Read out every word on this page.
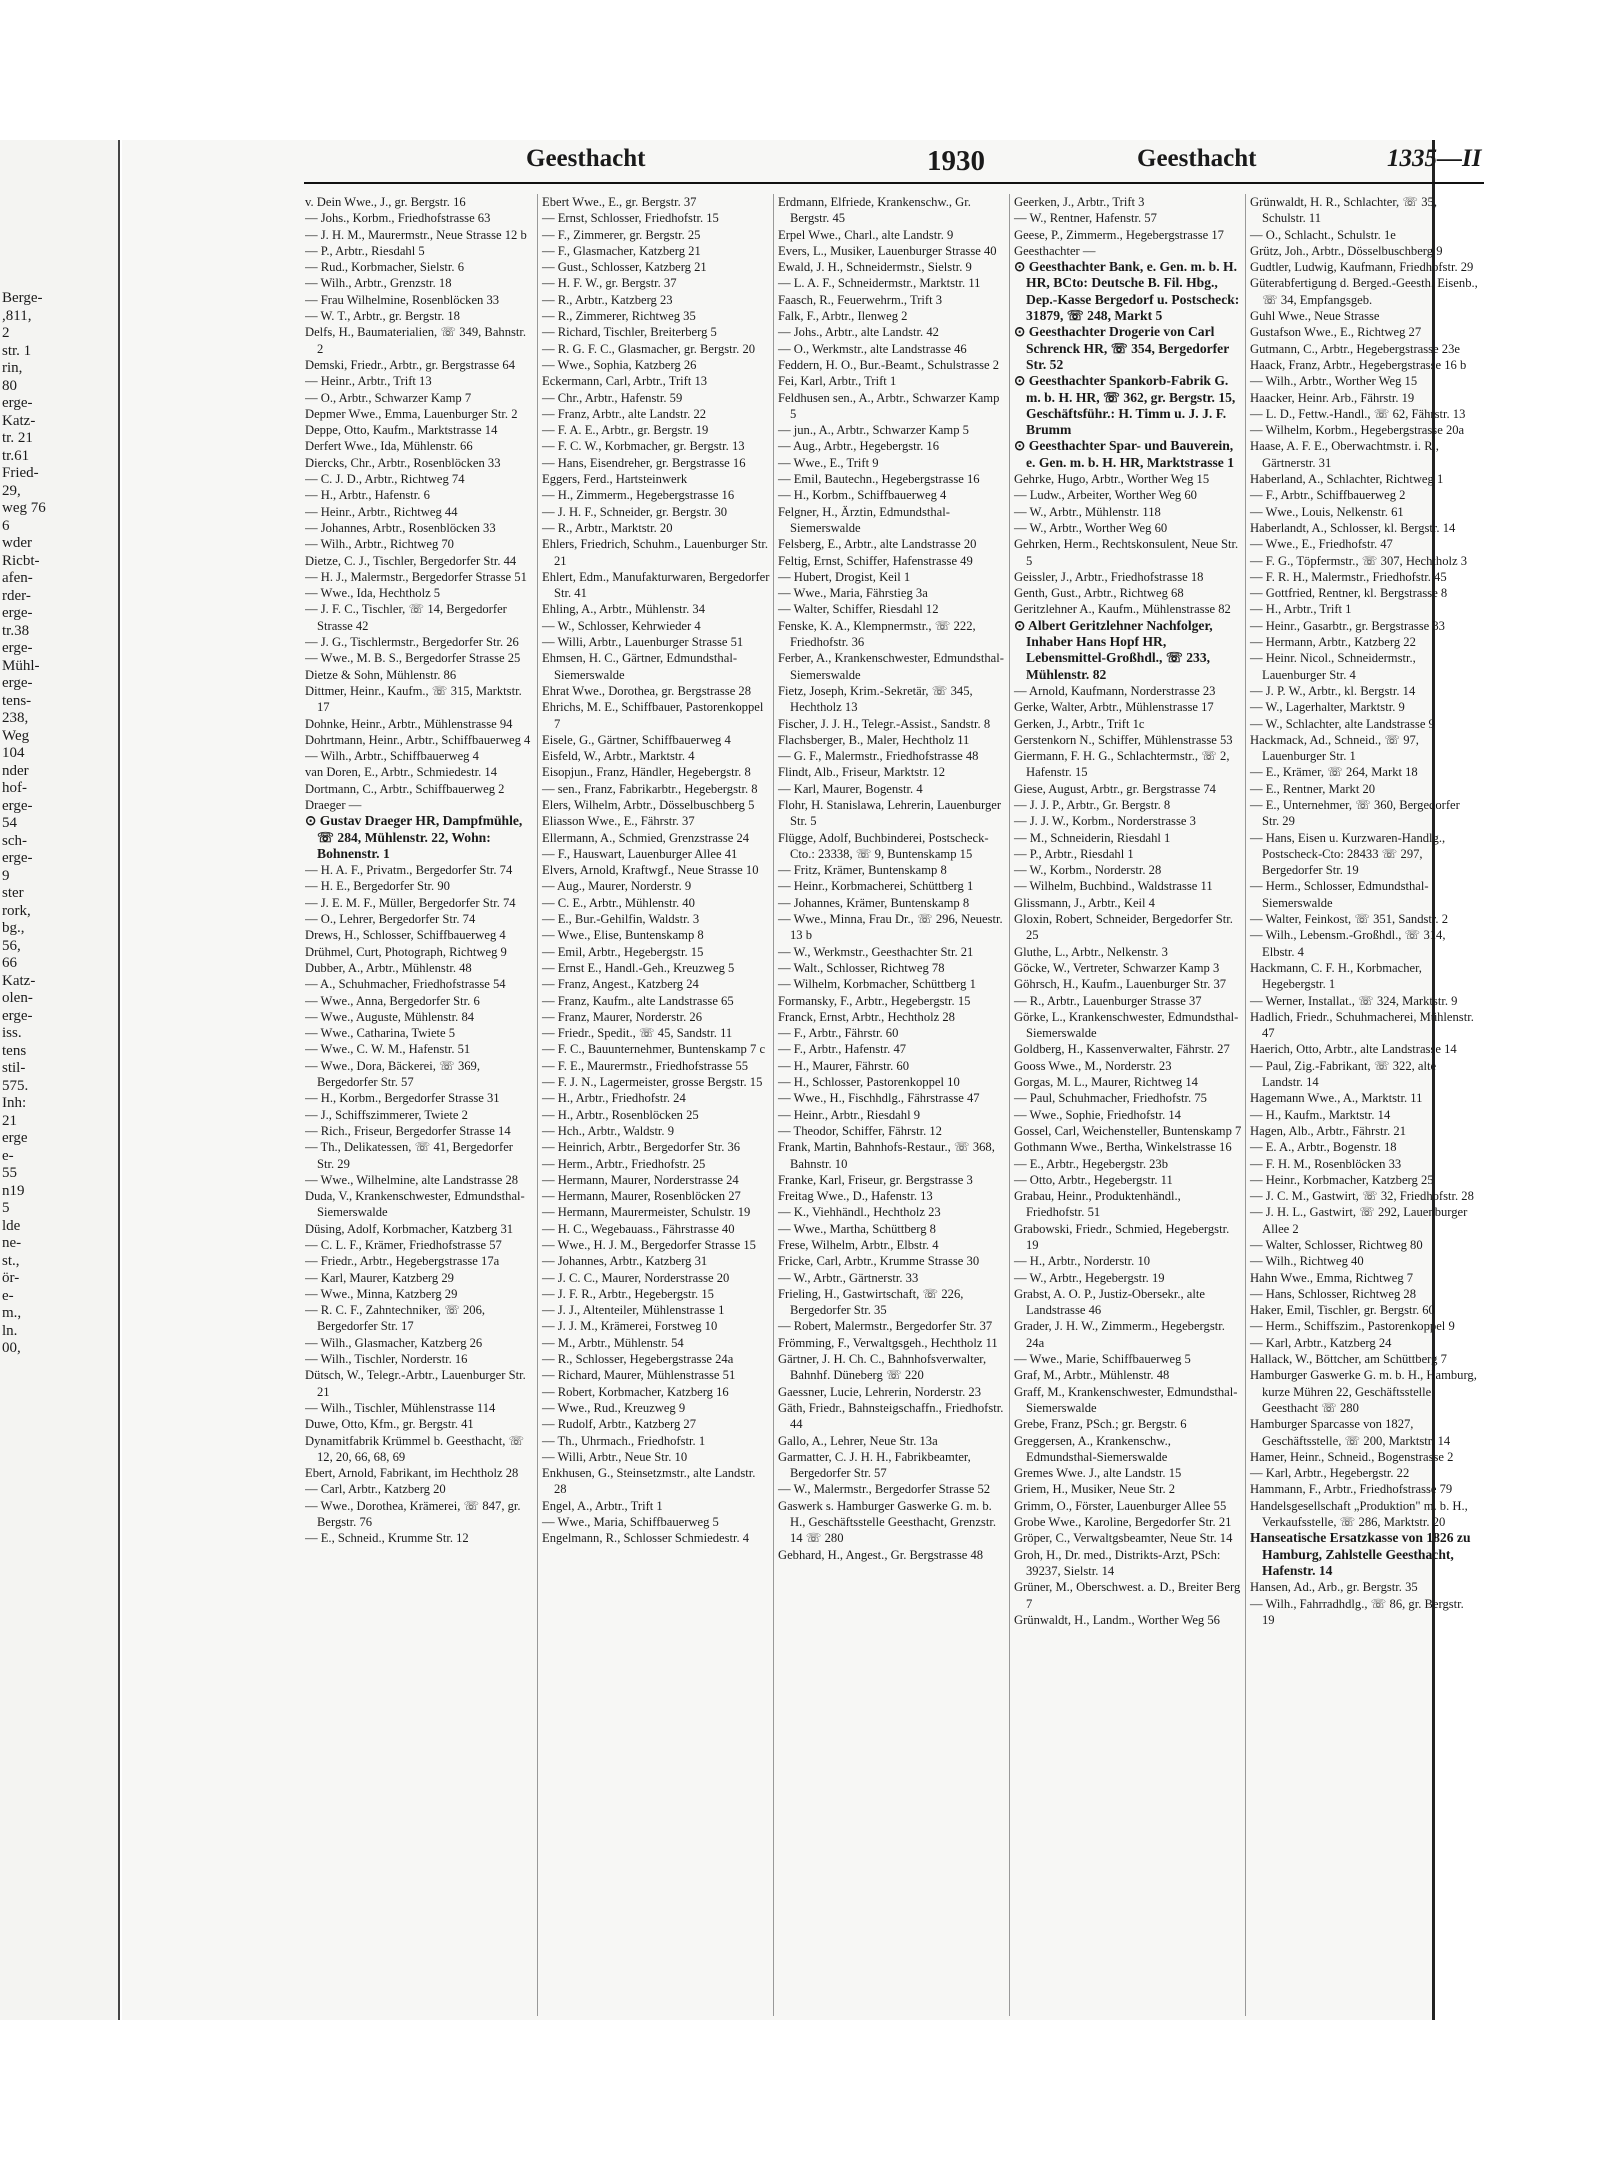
Berge-
,811,
2
str. 1
rin,
80
erge-
Katz-
tr. 21
tr.61
Fried-
29,
weg 76
6
wder
Ricbt-
afen-
rder-
erge-
tr.38
erge-
Mühl-
erge-
tens-
238,
Weg
104
nder
hof-
erge-
54
sch-
erge-
9
ster
rork,
bg.,
56,
66
Katz-
olen-
erge-
iss.
tens
stil-
575.
Inh:
21
erge
e-
55
n19
5
lde
ne-
st.,
ör-
e-
m.,
ln.
00,
Geesthacht	1930	Geesthacht	1335—II
v. Dein Wwe., J., gr. Bergstr. 16
— Johs., Korbm., Friedhofstrasse 63
— J. H. M., Maurermstr., Neue Strasse 12 b
— P., Arbtr., Riesdahl 5
— Rud., Korbmacher, Sielstr. 6
— Wilh., Arbtr., Grenzstr. 18
— Frau Wilhelmine, Rosenblöcken 33
— W. T., Arbtr., gr. Bergstr. 18
Delfs, H., Baumaterialien, ☏ 349, Bahnstr. 2
Demski, Friedr., Arbtr., gr. Bergstrasse 64
— Heinr., Arbtr., Trift 13
— O., Arbtr., Schwarzer Kamp 7
Depmer Wwe., Emma, Lauenburger Str. 2
Deppe, Otto, Kaufm., Marktstrasse 14
Derfert Wwe., Ida, Mühlenstr. 66
Diercks, Chr., Arbtr., Rosenblöcken 33
— C. J. D., Arbtr., Richtweg 74
— H., Arbtr., Hafenstr. 6
— Heinr., Arbtr., Richtweg 44
— Johannes, Arbtr., Rosenblöcken 33
— Wilh., Arbtr., Richtweg 70
Dietze, C. J., Tischler, Bergedorfer Str. 44
— H. J., Malermstr., Bergedorfer Strasse 51
— Wwe., Ida, Hechtholz 5
— J. F. C., Tischler, ☏ 14, Bergedorfer Strasse 42
— J. G., Tischlermstr., Bergedorfer Str. 26
— Wwe., M. B. S., Bergedorfer Strasse 25
Dietze & Sohn, Mühlenstr. 86
Dittmer, Heinr., Kaufm., ☏ 315, Marktstr. 17
Dohnke, Heinr., Arbtr., Mühlenstrasse 94
Dohrtmann, Heinr., Arbtr., Schiffbauerweg 4
— Wilh., Arbtr., Schiffbauerweg 4
van Doren, E., Arbtr., Schmiedestr. 14
Dortmann, C., Arbtr., Schiffbauerweg 2
Draeger —
⊙ Gustav Draeger HR, Dampfmühle, ☏ 284, Mühlenstr. 22, Wohn: Bohnenstr. 1
— H. A. F., Privatm., Bergedorfer Str. 74
— H. E., Bergedorfer Str. 90
— J. E. M. F., Müller, Bergedorfer Str. 74
— O., Lehrer, Bergedorfer Str. 74
Drews, H., Schlosser, Schiffbauerweg 4
Drühmel, Curt, Photograph, Richtweg 9
Dubber, A., Arbtr., Mühlenstr. 48
— A., Schuhmacher, Friedhofstrasse 54
— Wwe., Anna, Bergedorfer Str. 6
— Wwe., Auguste, Mühlenstr. 84
— Wwe., Catharina, Twiete 5
— Wwe., C. W. M., Hafenstr. 51
— Wwe., Dora, Bäckerei, ☏ 369, Bergedorfer Str. 57
— H., Korbm., Bergedorfer Strasse 31
— J., Schiffszimmerer, Twiete 2
— Rich., Friseur, Bergedorfer Strasse 14
— Th., Delikatessen, ☏ 41, Bergedorfer Str. 29
— Wwe., Wilhelmine, alte Landstrasse 28
Duda, V., Krankenschwester, Edmundsthal-Siemerswalde
Düsing, Adolf, Korbmacher, Katzberg 31
— C. L. F., Krämer, Friedhofstrasse 57
— Friedr., Arbtr., Hegebergstrasse 17a
— Karl, Maurer, Katzberg 29
— Wwe., Minna, Katzberg 29
— R. C. F., Zahntechniker, ☏ 206, Bergedorfer Str. 17
— Wilh., Glasmacher, Katzberg 26
— Wilh., Tischler, Norderstr. 16
Dütsch, W., Telegr.-Arbtr., Lauenburger Str. 21
— Wilh., Tischler, Mühlenstrasse 114
Duwe, Otto, Kfm., gr. Bergstr. 41
Dynamitfabrik Krümmel b. Geesthacht, ☏ 12, 20, 66, 68, 69
Ebert, Arnold, Fabrikant, im Hechtholz 28
— Carl, Arbtr., Katzberg 20
— Wwe., Dorothea, Krämerei, ☏ 847, gr. Bergstr. 76
— E., Schneid., Krumme Str. 12
Ebert Wwe., E., gr. Bergstr. 37
— Ernst, Schlosser, Friedhofstr. 15
— F., Zimmerer, gr. Bergstr. 25
— F., Glasmacher, Katzberg 21
— Gust., Schlosser, Katzberg 21
— H. F. W., gr. Bergstr. 37
— R., Arbtr., Katzberg 23
— R., Zimmerer, Richtweg 35
— Richard, Tischler, Breiterberg 5
— R. G. F. C., Glasmacher, gr. Bergstr. 20
— Wwe., Sophia, Katzberg 26
Eckermann, Carl, Arbtr., Trift 13
— Chr., Arbtr., Hafenstr. 59
— Franz, Arbtr., alte Landstr. 22
— F. A. E., Arbtr., gr. Bergstr. 19
— F. C. W., Korbmacher, gr. Bergstr. 13
— Hans, Eisendreher, gr. Bergstrasse 16
Eggers, Ferd., Hartsteinwerk
— H., Zimmerm., Hegebergstrasse 16
— J. H. F., Schneider, gr. Bergstr. 30
— R., Arbtr., Marktstr. 20
Ehlers, Friedrich, Schuhm., Lauenburger Str. 21
Ehlert, Edm., Manufakturwaren, Bergedorfer Str. 41
Ehling, A., Arbtr., Mühlenstr. 34
— W., Schlosser, Kehrwieder 4
— Willi, Arbtr., Lauenburger Strasse 51
Ehmsen, H. C., Gärtner, Edmundsthal-Siemerswalde
Ehrat Wwe., Dorothea, gr. Bergstrasse 28
Ehrichs, M. E., Schiffbauer, Pastorenkoppel 7
Eisele, G., Gärtner, Schiffbauerweg 4
Eisfeld, W., Arbtr., Marktstr. 4
Eisopjun., Franz, Händler, Hegebergstr. 8
— sen., Franz, Fabrikarbtr., Hegebergstr. 8
Elers, Wilhelm, Arbtr., Dösselbuschberg 5
Eliasson Wwe., E., Fährstr. 37
Ellermann, A., Schmied, Grenzstrasse 24
— F., Hauswart, Lauenburger Allee 41
Elvers, Arnold, Kraftwgf., Neue Strasse 10
— Aug., Maurer, Norderstr. 9
— C. E., Arbtr., Mühlenstr. 40
— E., Bur.-Gehilfin, Waldstr. 3
— Wwe., Elise, Buntenskamp 8
— Emil, Arbtr., Hegebergstr. 15
— Ernst E., Handl.-Geh., Kreuzweg 5
— Franz, Angest., Katzberg 24
— Franz, Kaufm., alte Landstrasse 65
— Franz, Maurer, Norderstr. 26
— Friedr., Spedit., ☏ 45, Sandstr. 11
— F. C., Bauunternehmer, Buntenskamp 7 c
— F. E., Maurermstr., Friedhofstrasse 55
— F. J. N., Lagermeister, grosse Bergstr. 15
— H., Arbtr., Friedhofstr. 24
— H., Arbtr., Rosenblöcken 25
— Hch., Arbtr., Waldstr. 9
— Heinrich, Arbtr., Bergedorfer Str. 36
— Herm., Arbtr., Friedhofstr. 25
— Hermann, Maurer, Norderstrasse 24
— Hermann, Maurer, Rosenblöcken 27
— Hermann, Maurermeister, Schulstr. 19
— H. C., Wegebauass., Fährstrasse 40
— Wwe., H. J. M., Bergedorfer Strasse 15
— Johannes, Arbtr., Katzberg 31
— J. C. C., Maurer, Norderstrasse 20
— J. F. R., Arbtr., Hegebergstr. 15
— J. J., Altenteiler, Mühlenstrasse 1
— J. J. M., Krämerei, Forstweg 10
— M., Arbtr., Mühlenstr. 54
— R., Schlosser, Hegebergstrasse 24a
— Richard, Maurer, Mühlenstrasse 51
— Robert, Korbmacher, Katzberg 16
— Wwe., Rud., Kreuzweg 9
— Rudolf, Arbtr., Katzberg 27
— Th., Uhrmach., Friedhofstr. 1
— Willi, Arbtr., Neue Str. 10
Enkhusen, G., Steinsetzmstr., alte Landstr. 28
Engel, A., Arbtr., Trift 1
— Wwe., Maria, Schiffbauerweg 5
Engelmann, R., Schlosser Schmiedestr. 4
Erdmann, Elfriede, Krankenschw., Gr. Bergstr. 45
Erpel Wwe., Charl., alte Landstr. 9
Evers, L., Musiker, Lauenburger Strasse 40
Ewald, J. H., Schneidermstr., Sielstr. 9
— L. A. F., Schneidermstr., Marktstr. 11
Faasch, R., Feuerwehrm., Trift 3
Falk, F., Arbtr., Ilenweg 2
— Johs., Arbtr., alte Landstr. 42
— O., Werkmstr., alte Landstrasse 46
Feddern, H. O., Bur.-Beamt., Schulstrasse 2
Fei, Karl, Arbtr., Trift 1
Feldhusen sen., A., Arbtr., Schwarzer Kamp 5
— jun., A., Arbtr., Schwarzer Kamp 5
— Aug., Arbtr., Hegebergstr. 16
— Wwe., E., Trift 9
— Emil, Bautechn., Hegebergstrasse 16
— H., Korbm., Schiffbauerweg 4
Felgner, H., Ärztin, Edmundsthal-Siemerswalde
Felsberg, E., Arbtr., alte Landstrasse 20
Feltig, Ernst, Schiffer, Hafenstrasse 49
— Hubert, Drogist, Keil 1
— Wwe., Maria, Fährstieg 3a
— Walter, Schiffer, Riesdahl 12
Fenske, K. A., Klempnermstr., ☏ 222, Friedhofstr. 36
Ferber, A., Krankenschwester, Edmundsthal-Siemerswalde
Fietz, Joseph, Krim.-Sekretär, ☏ 345, Hechtholz 13
Fischer, J. J. H., Telegr.-Assist., Sandstr. 8
Flachsberger, B., Maler, Hechtholz 11
— G. F., Malermstr., Friedhofstrasse 48
Flindt, Alb., Friseur, Marktstr. 12
— Karl, Maurer, Bogenstr. 4
Flohr, H. Stanislawa, Lehrerin, Lauenburger Str. 5
Flügge, Adolf, Buchbinderei, Postscheck-Cto.: 23338, ☏ 9, Buntenskamp 15
— Fritz, Krämer, Buntenskamp 8
— Heinr., Korbmacherei, Schüttberg 1
— Johannes, Krämer, Buntenskamp 8
— Wwe., Minna, Frau Dr., ☏ 296, Neuestr. 13 b
— W., Werkmstr., Geesthachter Str. 21
— Walt., Schlosser, Richtweg 78
— Wilhelm, Korbmacher, Schüttberg 1
Formansky, F., Arbtr., Hegebergstr. 15
Franck, Ernst, Arbtr., Hechtholz 28
— F., Arbtr., Fährstr. 60
— F., Arbtr., Hafenstr. 47
— H., Maurer, Fährstr. 60
— H., Schlosser, Pastorenkoppel 10
— Wwe., H., Fischhdlg., Fährstrasse 47
— Heinr., Arbtr., Riesdahl 9
— Theodor, Schiffer, Fährstr. 12
Frank, Martin, Bahnhofs-Restaur., ☏ 368, Bahnstr. 10
Franke, Karl, Friseur, gr. Bergstrasse 3
Freitag Wwe., D., Hafenstr. 13
— K., Viehhändl., Hechtholz 23
— Wwe., Martha, Schüttberg 8
Frese, Wilhelm, Arbtr., Elbstr. 4
Fricke, Carl, Arbtr., Krumme Strasse 30
— W., Arbtr., Gärtnerstr. 33
Frieling, H., Gastwirtschaft, ☏ 226, Bergedorfer Str. 35
— Robert, Malermstr., Bergedorfer Str. 37
Frömming, F., Verwaltgsgeh., Hechtholz 11
Gärtner, J. H. Ch. C., Bahnhofsverwalter, Bahnhf. Düneberg ☏ 220
Gaessner, Lucie, Lehrerin, Norderstr. 23
Gäth, Friedr., Bahnsteigschaffn., Friedhofstr. 44
Gallo, A., Lehrer, Neue Str. 13a
Garmatter, C. J. H. H., Fabrikbeamter, Bergedorfer Str. 57
— W., Malermstr., Bergedorfer Strasse 52
Gaswerk s. Hamburger Gaswerke G. m. b. H., Geschäftsstelle Geesthacht, Grenzstr. 14 ☏ 280
Gebhard, H., Angest., Gr. Bergstrasse 48
Geerken, J., Arbtr., Trift 3
— W., Rentner, Hafenstr. 57
Geese, P., Zimmerm., Hegebergstrasse 17
Geesthachter —
⊙ Geesthachter Bank, e. Gen. m. b. H. HR, BCto: Deutsche B. Fil. Hbg., Dep.-Kasse Bergedorf u. Postscheck: 31879, ☏ 248, Markt 5
⊙ Geesthachter Drogerie von Carl Schrenck HR, ☏ 354, Bergedorfer Str. 52
⊙ Geesthachter Spankorb-Fabrik G. m. b. H. HR, ☏ 362, gr. Bergstr. 15, Geschäftsführ.: H. Timm u. J. J. F. Brumm
⊙ Geesthachter Spar- und Bauverein, e. Gen. m. b. H. HR, Marktstrasse 1
Gehrke, Hugo, Arbtr., Worther Weg 15
— Ludw., Arbeiter, Worther Weg 60
— W., Arbtr., Mühlenstr. 118
— W., Arbtr., Worther Weg 60
Gehrken, Herm., Rechtskonsulent, Neue Str. 5
Geissler, J., Arbtr., Friedhofstrasse 18
Genth, Gust., Arbtr., Richtweg 68
Geritzlehner A., Kaufm., Mühlenstrasse 82
⊙ Albert Geritzlehner Nachfolger, Inhaber Hans Hopf HR, Lebensmittel-Großhdl., ☏ 233, Mühlenstr. 82
— Arnold, Kaufmann, Norderstrasse 23
Gerke, Walter, Arbtr., Mühlenstrasse 17
Gerken, J., Arbtr., Trift 1c
Gerstenkorn N., Schiffer, Mühlenstrasse 53
Giermann, F. H. G., Schlachtermstr., ☏ 2, Hafenstr. 15
Giese, August, Arbtr., gr. Bergstrasse 74
— J. J. P., Arbtr., Gr. Bergstr. 8
— J. J. W., Korbm., Norderstrasse 3
— M., Schneiderin, Riesdahl 1
— P., Arbtr., Riesdahl 1
— W., Korbm., Norderstr. 28
— Wilhelm, Buchbind., Waldstrasse 11
Glissmann, J., Arbtr., Keil 4
Gloxin, Robert, Schneider, Bergedorfer Str. 25
Gluthe, L., Arbtr., Nelkenstr. 3
Göcke, W., Vertreter, Schwarzer Kamp 3
Göhrsch, H., Kaufm., Lauenburger Str. 37
— R., Arbtr., Lauenburger Strasse 37
Görke, L., Krankenschwester, Edmundsthal-Siemerswalde
Goldberg, H., Kassenverwalter, Fährstr. 27
Gooss Wwe., M., Norderstr. 23
Gorgas, M. L., Maurer, Richtweg 14
— Paul, Schuhmacher, Friedhofstr. 75
— Wwe., Sophie, Friedhofstr. 14
Gossel, Carl, Weichensteller, Buntenskamp 7
Gothmann Wwe., Bertha, Winkelstrasse 16
— E., Arbtr., Hegebergstr. 23b
— Otto, Arbtr., Hegebergstr. 11
Grabau, Heinr., Produktenhändl., Friedhofstr. 51
Grabowski, Friedr., Schmied, Hegebergstr. 19
— H., Arbtr., Norderstr. 10
— W., Arbtr., Hegebergstr. 19
Grabst, A. O. P., Justiz-Obersekr., alte Landstrasse 46
Grader, J. H. W., Zimmerm., Hegebergstr. 24a
— Wwe., Marie, Schiffbauerweg 5
Graf, M., Arbtr., Mühlenstr. 48
Graff, M., Krankenschwester, Edmundsthal-Siemerswalde
Grebe, Franz, PSch.; gr. Bergstr. 6
Greggersen, A., Krankenschw., Edmundsthal-Siemerswalde
Gremes Wwe. J., alte Landstr. 15
Griem, H., Musiker, Neue Str. 2
Grimm, O., Förster, Lauenburger Allee 55
Grobe Wwe., Karoline, Bergedorfer Str. 21
Gröper, C., Verwaltgsbeamter, Neue Str. 14
Groh, H., Dr. med., Distrikts-Arzt, PSch: 39237, Sielstr. 14
Grüner, M., Oberschwest. a. D., Breiter Berg 7
Grünwaldt, H., Landm., Worther Weg 56
Grünwaldt, H. R., Schlachter, ☏ 35, Schulstr. 11
— O., Schlacht., Schulstr. 1e
Grütz, Joh., Arbtr., Dösselbuschberg 9
Gudtler, Ludwig, Kaufmann, Friedhofstr. 29
Güterabfertigung d. Berged.-Geesth. Eisenb., ☏ 34, Empfangsgeb.
Guhl Wwe., Neue Strasse
Gustafson Wwe., E., Richtweg 27
Gutmann, C., Arbtr., Hegebergstrasse 23e
Haack, Franz, Arbtr., Hegebergstrasse 16 b
— Wilh., Arbtr., Worther Weg 15
Haacker, Heinr. Arb., Fährstr. 19
— L. D., Fettw.-Handl., ☏ 62, Fährstr. 13
— Wilhelm, Korbm., Hegebergstrasse 20a
Haase, A. F. E., Oberwachtmstr. i. R., Gärtnerstr. 31
Haberland, A., Schlachter, Richtweg 1
— F., Arbtr., Schiffbauerweg 2
— Wwe., Louis, Nelkenstr. 61
Haberlandt, A., Schlosser, kl. Bergstr. 14
— Wwe., E., Friedhofstr. 47
— F. G., Töpfermstr., ☏ 307, Hechtholz 3
— F. R. H., Malermstr., Friedhofstr. 45
— Gottfried, Rentner, kl. Bergstrasse 8
— H., Arbtr., Trift 1
— Heinr., Gasarbtr., gr. Bergstrasse 33
— Hermann, Arbtr., Katzberg 22
— Heinr. Nicol., Schneidermstr., Lauenburger Str. 4
— J. P. W., Arbtr., kl. Bergstr. 14
— W., Lagerhalter, Marktstr. 9
— W., Schlachter, alte Landstrasse 9
Hackmack, Ad., Schneid., ☏ 97, Lauenburger Str. 1
— E., Krämer, ☏ 264, Markt 18
— E., Rentner, Markt 20
— E., Unternehmer, ☏ 360, Bergedorfer Str. 29
— Hans, Eisen u. Kurzwaren-Handlg., Postscheck-Cto: 28433 ☏ 297, Bergedorfer Str. 19
— Herm., Schlosser, Edmundsthal-Siemerswalde
— Walter, Feinkost, ☏ 351, Sandstr. 2
— Wilh., Lebensm.-Großhdl., ☏ 314, Elbstr. 4
Hackmann, C. F. H., Korbmacher, Hegebergstr. 1
— Werner, Installat., ☏ 324, Marktstr. 9
Hadlich, Friedr., Schuhmacherei, Mühlenstr. 47
Haerich, Otto, Arbtr., alte Landstrasse 14
— Paul, Zig.-Fabrikant, ☏ 322, alte Landstr. 14
Hagemann Wwe., A., Marktstr. 11
— H., Kaufm., Marktstr. 14
Hagen, Alb., Arbtr., Fährstr. 21
— E. A., Arbtr., Bogenstr. 18
— F. H. M., Rosenblöcken 33
— Heinr., Korbmacher, Katzberg 25
— J. C. M., Gastwirt, ☏ 32, Friedhofstr. 28
— J. H. L., Gastwirt, ☏ 292, Lauenburger Allee 2
— Walter, Schlosser, Richtweg 80
— Wilh., Richtweg 40
Hahn Wwe., Emma, Richtweg 7
— Hans, Schlosser, Richtweg 28
Haker, Emil, Tischler, gr. Bergstr. 60
— Herm., Schiffszim., Pastorenkoppel 9
— Karl, Arbtr., Katzberg 24
Hallack, W., Böttcher, am Schüttberg 7
Hamburger Gaswerke G. m. b. H., Hamburg, kurze Mühren 22, Geschäftsstelle Geesthacht ☏ 280
Hamburger Sparcasse von 1827, Geschäftsstelle, ☏ 200, Marktstr. 14
Hamer, Heinr., Schneid., Bogenstrasse 2
— Karl, Arbtr., Hegebergstr. 22
Hammann, F., Arbtr., Friedhofstrasse 79
Handelsgesellschaft „Produktion" m. b. H., Verkaufsstelle, ☏ 286, Marktstr. 20
Hanseatische Ersatzkasse von 1826 zu Hamburg, Zahlstelle Geesthacht, Hafenstr. 14
Hansen, Ad., Arb., gr. Bergstr. 35
— Wilh., Fahrradhdlg., ☏ 86, gr. Bergstr. 19
